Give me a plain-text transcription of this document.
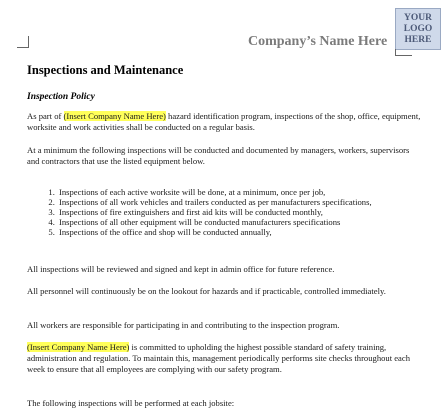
YOUR
LOGO
HERE
Company’s Name Here
Inspections and Maintenance
Inspection Policy
As part of (Insert Company Name Here) hazard identification program, inspections of the shop, office, equipment, worksite and work activities shall be conducted on a regular basis.
At a minimum the following inspections will be conducted and documented by managers, workers, supervisors and contractors that use the listed equipment below.
1. Inspections of each active worksite will be done, at a minimum, once per job,
2. Inspections of all work vehicles and trailers conducted as per manufacturers specifications,
3. Inspections of fire extinguishers and first aid kits will be conducted monthly,
4. Inspections of all other equipment will be conducted manufacturers specifications
5. Inspections of the office and shop will be conducted annually,
All inspections will be reviewed and signed and kept in admin office for future reference.
All personnel will continuously be on the lookout for hazards and if practicable, controlled immediately.
All workers are responsible for participating in and contributing to the inspection program.
(Insert Company Name Here) is committed to upholding the highest possible standard of safety training, administration and regulation. To maintain this, management periodically performs site checks throughout each week to ensure that all employees are complying with our safety program.
The following inspections will be performed at each jobsite:
